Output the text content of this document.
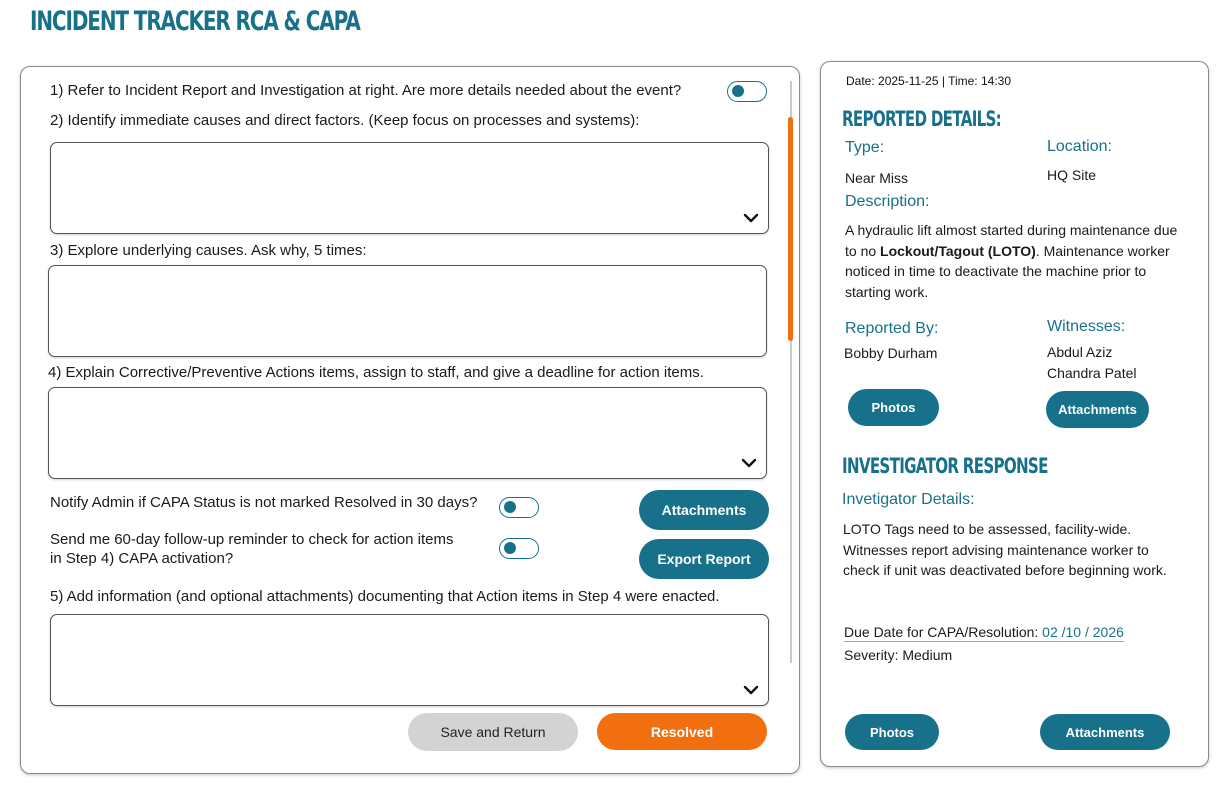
INCIDENT TRACKER RCA & CAPA
1) Refer to Incident Report and Investigation at right. Are more details needed about the event?
2) Identify immediate causes and direct factors. (Keep focus on processes and systems):
3) Explore underlying causes. Ask why, 5 times:
4) Explain Corrective/Preventive Actions items, assign to staff, and give a deadline for action items.
Notify Admin if CAPA Status is not marked Resolved in 30 days?	Attachments
Send me 60-day follow-up reminder to check for action items
in Step 4) CAPA activation?	Export Report
5) Add information (and optional attachments) documenting that Action items in Step 4 were enacted.
Save and Return	Resolved
Date: 2025-11-25 | Time: 14:30
REPORTED DETAILS:
Type:
Near Miss
Location:
HQ Site
Description:
A hydraulic lift almost started during maintenance due to no Lockout/Tagout (LOTO). Maintenance worker noticed in time to deactivate the machine prior to starting work.
Reported By:
Bobby Durham
Witnesses:
Abdul Aziz
Chandra Patel
Photos	Attachments
INVESTIGATOR RESPONSE
Invetigator Details:
LOTO Tags need to be assessed, facility-wide. Witnesses report advising maintenance worker to check if unit was deactivated before beginning work.
Due Date for CAPA/Resolution: 02 /10 / 2026
Severity: Medium
Photos	Attachments
